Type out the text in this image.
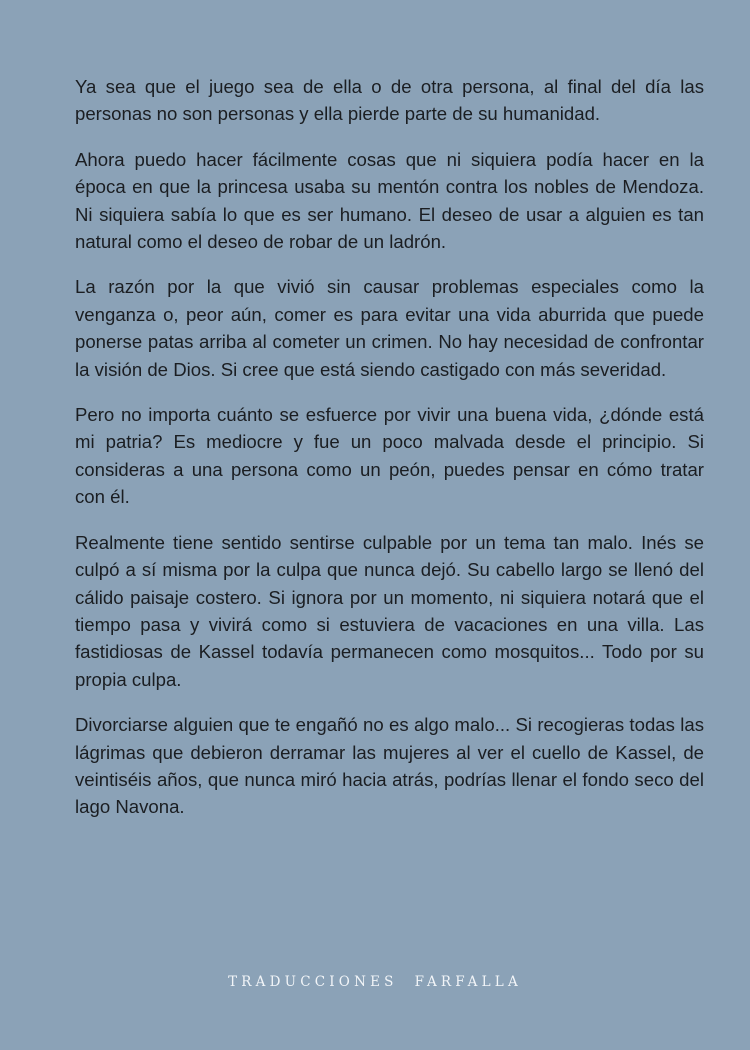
Ya sea que el juego sea de ella o de otra persona, al final del día las personas no son personas y ella pierde parte de su humanidad.

Ahora puedo hacer fácilmente cosas que ni siquiera podía hacer en la época en que la princesa usaba su mentón contra los nobles de Mendoza. Ni siquiera sabía lo que es ser humano. El deseo de usar a alguien es tan natural como el deseo de robar de un ladrón.

La razón por la que vivió sin causar problemas especiales como la venganza o, peor aún, comer es para evitar una vida aburrida que puede ponerse patas arriba al cometer un crimen. No hay necesidad de confrontar la visión de Dios. Si cree que está siendo castigado con más severidad.

Pero no importa cuánto se esfuerce por vivir una buena vida, ¿dónde está mi patria? Es mediocre y fue un poco malvada desde el principio. Si consideras a una persona como un peón, puedes pensar en cómo tratar con él.

Realmente tiene sentido sentirse culpable por un tema tan malo. Inés se culpó a sí misma por la culpa que nunca dejó. Su cabello largo se llenó del cálido paisaje costero. Si ignora por un momento, ni siquiera notará que el tiempo pasa y vivirá como si estuviera de vacaciones en una villa. Las fastidiosas de Kassel todavía permanecen como mosquitos... Todo por su propia culpa.

Divorciarse alguien que te engañó no es algo malo... Si recogieras todas las lágrimas que debieron derramar las mujeres al ver el cuello de Kassel, de veintiséis años, que nunca miró hacia atrás, podrías llenar el fondo seco del lago Navona.

TRADUCCIONES  FARFALLA
